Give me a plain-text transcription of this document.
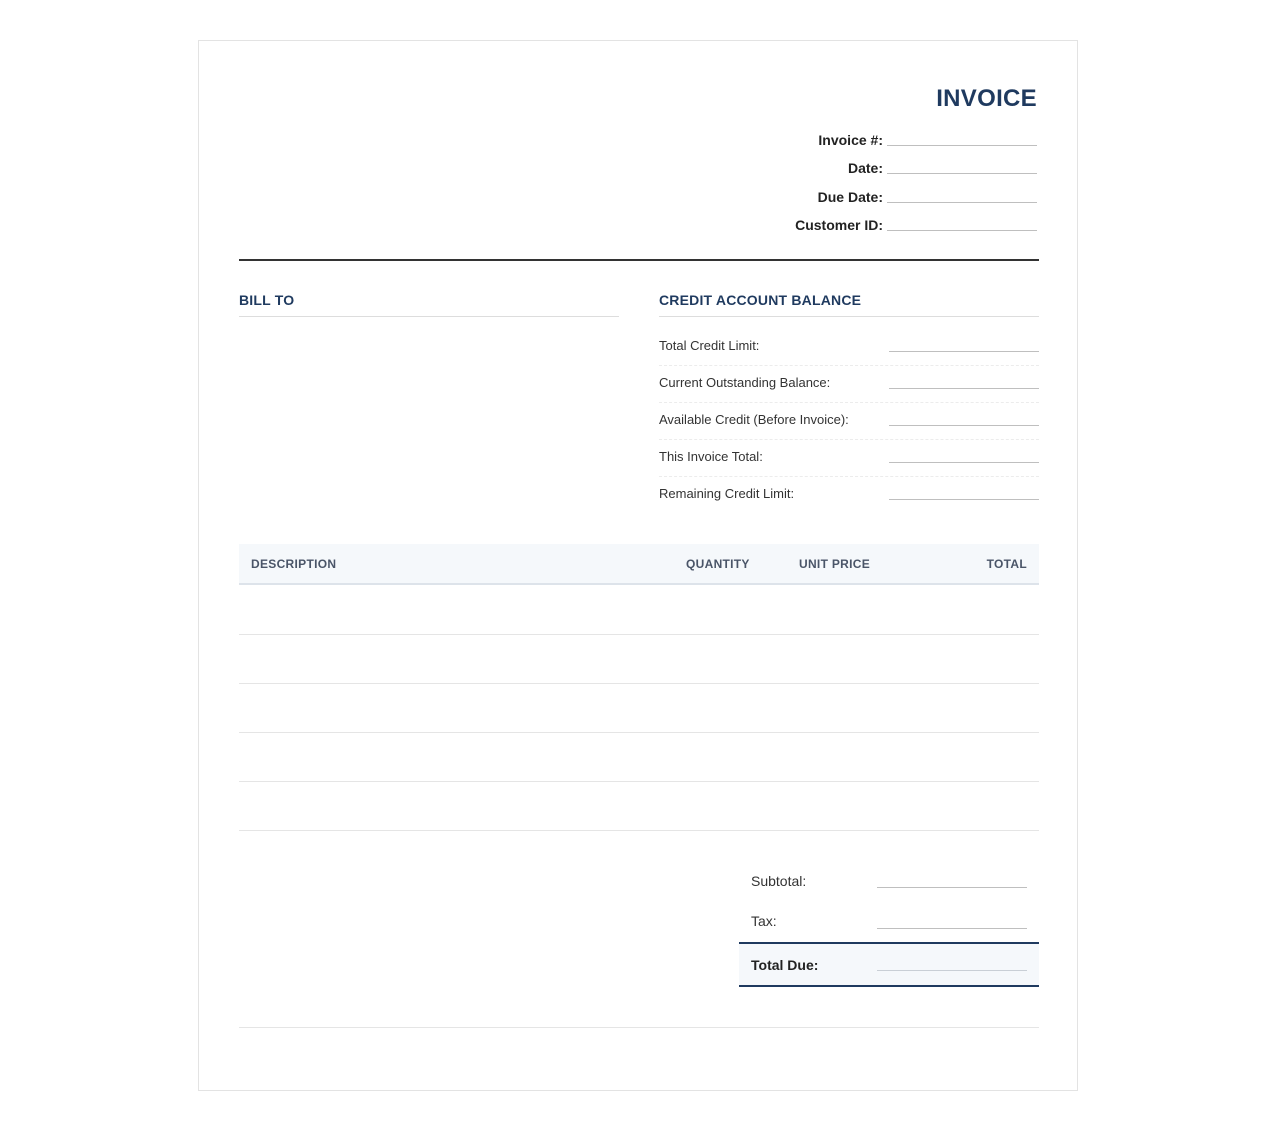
INVOICE
Invoice #:
Date:
Due Date:
Customer ID:
BILL TO	CREDIT ACCOUNT BALANCE
Total Credit Limit:
Current Outstanding Balance:
Available Credit (Before Invoice):
This Invoice Total:
Remaining Credit Limit:
DESCRIPTION	QUANTITY	UNIT PRICE	TOTAL
Subtotal:
Tax:
Total Due:
